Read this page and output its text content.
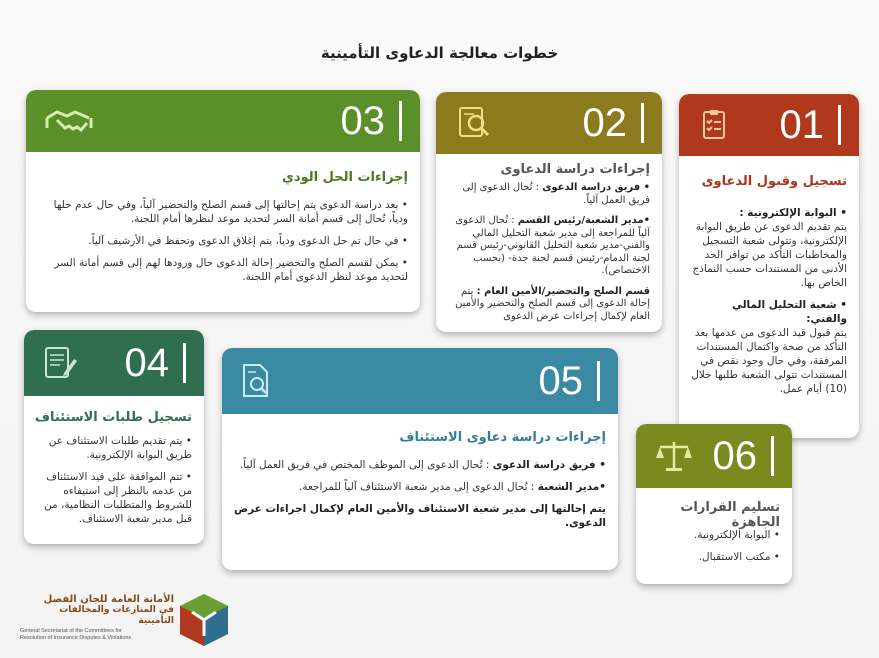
خطوات معالجة الدعاوى التأمينية
01
تسجيل وقبول الدعاوى

• البوابة الإلكترونية :
يتم تقديم الدعوى عن طريق البوابة الإلكترونية، وتتولى شعبة التسجيل والمخاطبات التأكد من توافر الحد الأدنى من المستندات حسب النماذج الخاص بها.

• شعبة التحليل المالي والفني:
يتم قبول قيد الدعوى من عدمها بعد التأكد من صحة واكتمال المستندات المرفقة، وفي حال وجود نقص في المستندات تتولى الشعبة طلبها خلال (10) أيام عمل.

02
إجراءات دراسة الدعاوى

• فريق دراسة الدعوى : تُحال الدعوى إلى فريق العمل آلياً.

•مدير الشعبة/رئيس القسم : تُحال الدعوى آلياً للمراجعة إلى مدير شعبة التحليل المالي والفني-مدير شعبة التحليل القانوني-رئيس قسم لجنة الدمام-رئيس قسم لجنة جدة- (بحسب الاختصاص).

قسم الصلح والتحضير/الأمين العام : يتم إحالة الدعوى إلى قسم الصلح والتحضير والأمين العام لإكمال إجراءات عرض الدعوى

03
إجراءات الحل الودي

• بعد دراسة الدعوى يتم إحالتها إلى قسم الصلح والتحضير آلياً، وفي حال عدم حلها ودياً، تُحال إلى قسم أمانة السر لتحديد موعد لنظرها أمام اللجنة.

• في حال تم حل الدعوى ودياً، يتم إغلاق الدعوى وتحفظ في الأرشيف آلياً.

• يمكن لقسم الصلح والتحضير إحالة الدعوى حال ورودها لهم إلى قسم أمانة السر لتحديد موعد لنظر الدعوى أمام اللجنة.

04
تسجيل طلبات الاستئناف

• يتم تقديم طلبات الاستئناف عن طريق البوابة الإلكترونية.

• تتم الموافقة على قيد الاستئناف من عدمه بالنظر إلى استيفاءه للشروط والمتطلبات النظامية، من قبل مدير شعبة الاستئناف.

05
إجراءات دراسة دعاوى الاستئناف

• فريق دراسة الدعوى : تُحال الدعوى إلى الموظف المختص في فريق العمل آلياً.

•مدير الشعبة : تُحال الدعوى إلى مدير شعبة الاستئناف آلياً للمراجعة.

يتم إحالتها إلى مدير شعبة الاستئناف والأمين العام لإكمال اجراءات عرض الدعوى.

06
تسليم القرارات الجاهزة

• البوابة الإلكترونية.

• مكتب الاستقبال.

الأمانة العامة للجان الفصل
في المنازعات والمخالفات التأمينية
General Secretariat of the Committees for
Resolution of Insurance Disputes & Violations
